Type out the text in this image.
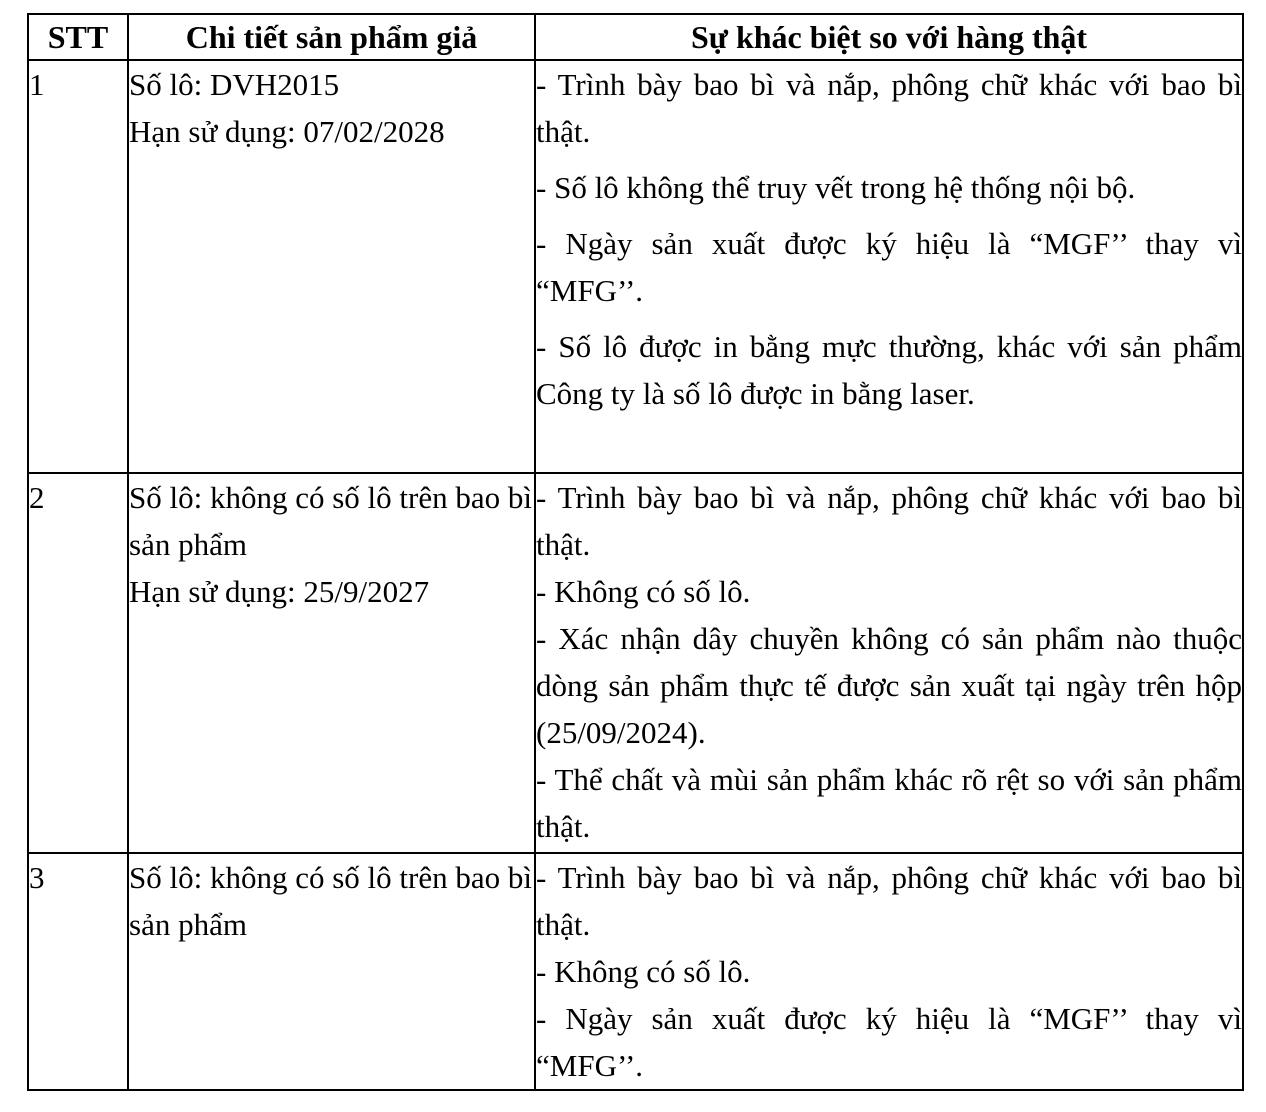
STT	Chi tiết sản phẩm giả	Sự khác biệt so với hàng thật
1	Số lô: DVH2015
Hạn sử dụng: 07/02/2028	- Trình bày bao bì và nắp, phông chữ khác với bao bì thật.
- Số lô không thể truy vết trong hệ thống nội bộ.
- Ngày sản xuất được ký hiệu là “MGF’’ thay vì “MFG’’.
- Số lô được in bằng mực thường, khác với sản phẩm Công ty là số lô được in bằng laser.

2	Số lô: không có số lô trên bao bì sản phẩm
Hạn sử dụng: 25/9/2027	- Trình bày bao bì và nắp, phông chữ khác với bao bì thật.
- Không có số lô.
- Xác nhận dây chuyền không có sản phẩm nào thuộc dòng sản phẩm thực tế được sản xuất tại ngày trên hộp (25/09/2024).
- Thể chất và mùi sản phẩm khác rõ rệt so với sản phẩm thật.

3	Số lô: không có số lô trên bao bì sản phẩm	- Trình bày bao bì và nắp, phông chữ khác với bao bì thật.
- Không có số lô.
- Ngày sản xuất được ký hiệu là “MGF’’ thay vì “MFG’’.
